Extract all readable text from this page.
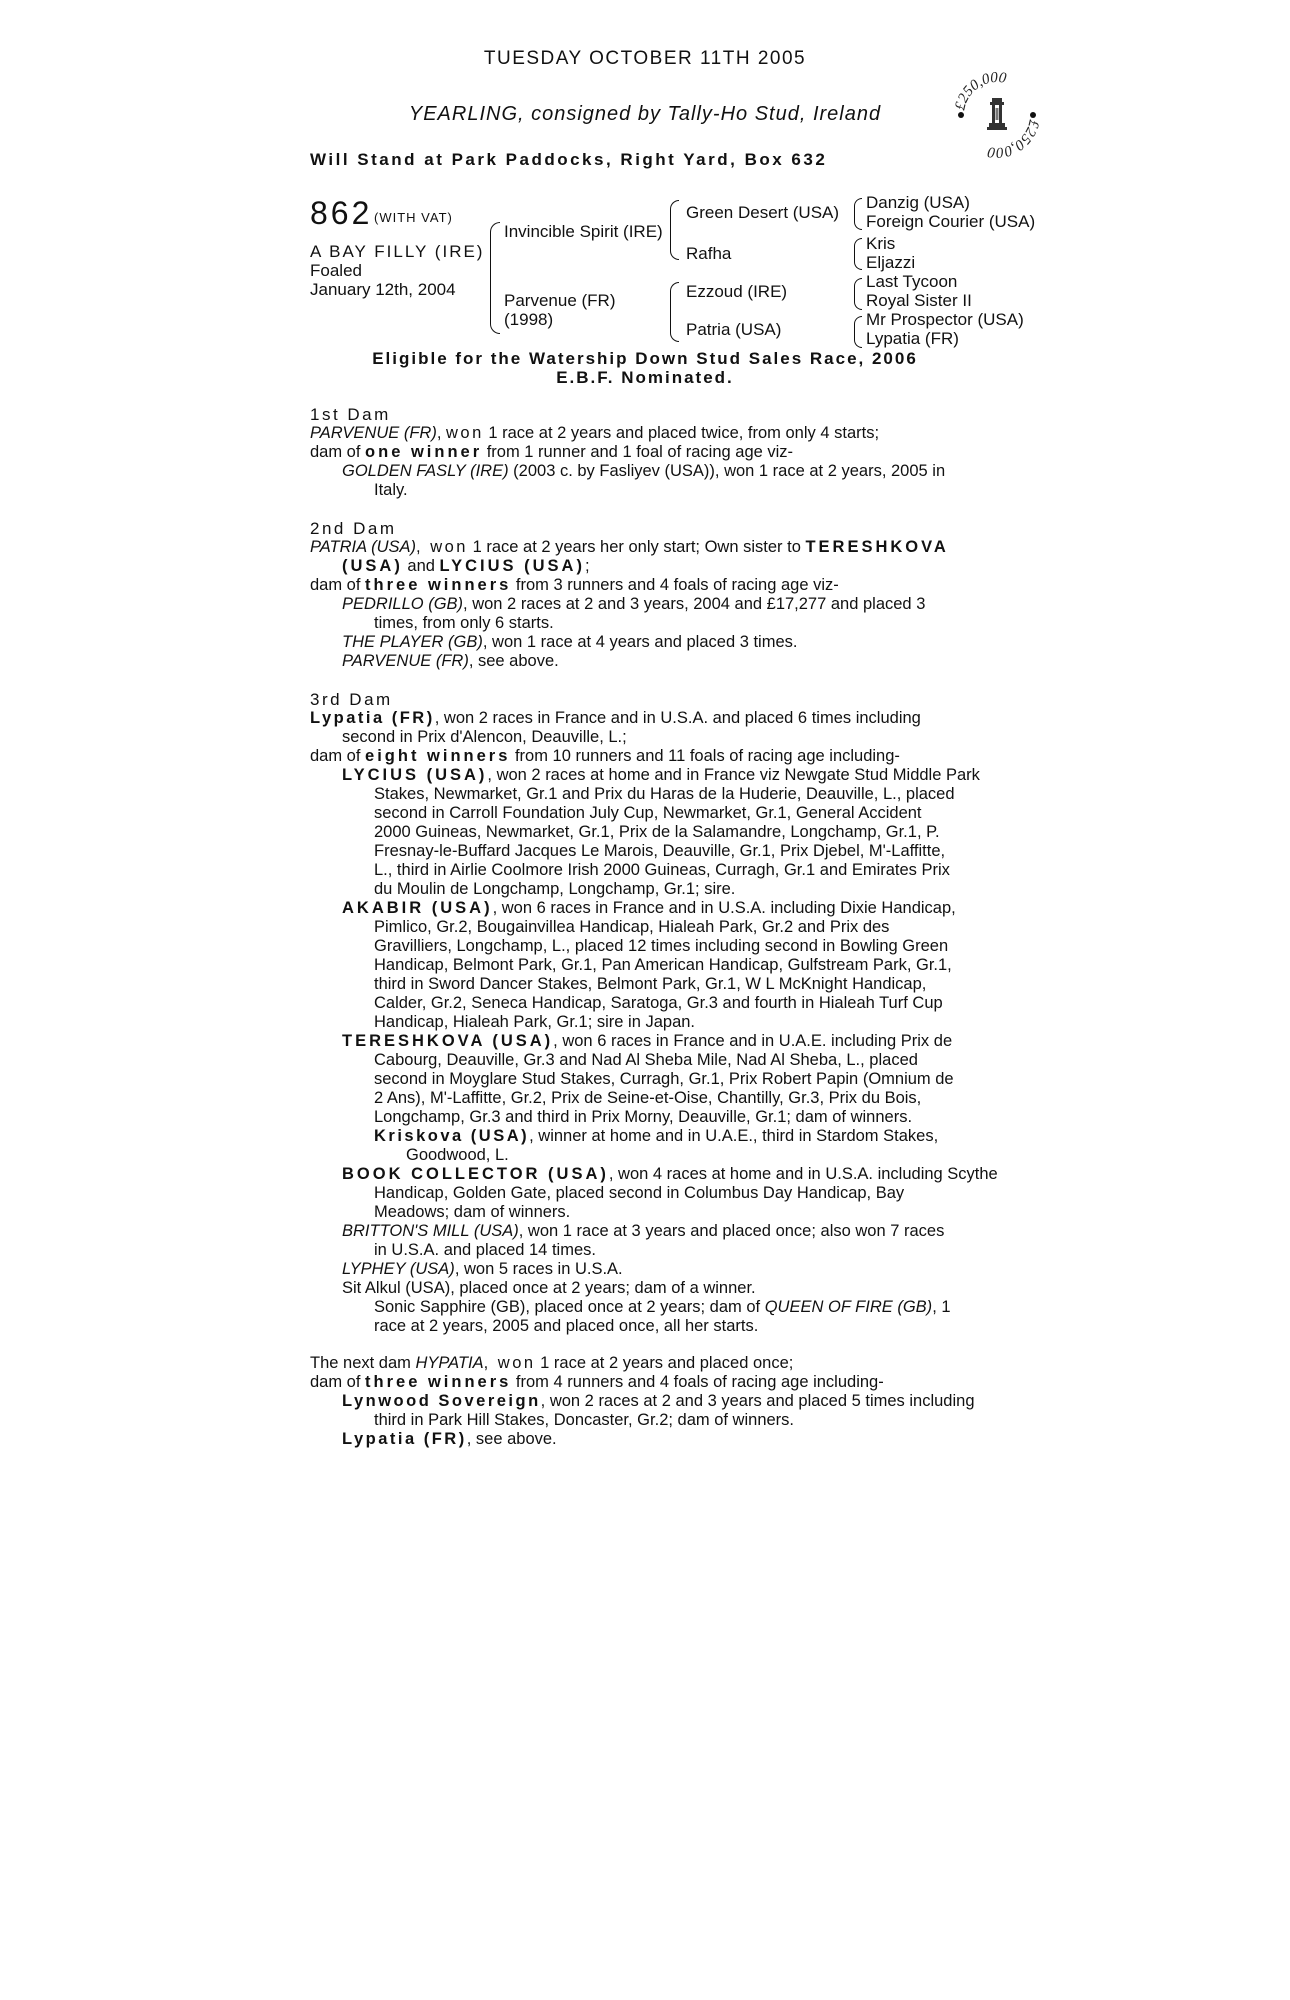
TUESDAY OCTOBER 11TH 2005
YEARLING, consigned by Tally-Ho Stud, Ireland	£250,000
£250,000
Will Stand at Park Paddocks, Right Yard, Box 632
862 (WITH VAT)
A BAY FILLY (IRE)
Foaled
January 12th, 2004
Invincible Spirit (IRE)
Parvenue (FR)
(1998)
Green Desert (USA)
Rafha
Ezzoud (IRE)
Patria (USA)
Danzig (USA)
Foreign Courier (USA)
Kris
Eljazzi
Last Tycoon
Royal Sister II
Mr Prospector (USA)
Lypatia (FR)
Eligible for the Watership Down Stud Sales Race, 2006
E.B.F. Nominated.
1st Dam
PARVENUE (FR), won 1 race at 2 years and placed twice, from only 4 starts;
dam of one winner from 1 runner and 1 foal of racing age viz-
GOLDEN FASLY (IRE) (2003 c. by Fasliyev (USA)), won 1 race at 2 years, 2005 in
Italy.
2nd Dam
PATRIA (USA), won 1 race at 2 years her only start; Own sister to TERESHKOVA
(USA) and LYCIUS (USA);
dam of three winners from 3 runners and 4 foals of racing age viz-
PEDRILLO (GB), won 2 races at 2 and 3 years, 2004 and £17,277 and placed 3
times, from only 6 starts.
THE PLAYER (GB), won 1 race at 4 years and placed 3 times.
PARVENUE (FR), see above.
3rd Dam
Lypatia (FR), won 2 races in France and in U.S.A. and placed 6 times including
second in Prix d'Alencon, Deauville, L.;
dam of eight winners from 10 runners and 11 foals of racing age including-
LYCIUS (USA), won 2 races at home and in France viz Newgate Stud Middle Park
Stakes, Newmarket, Gr.1 and Prix du Haras de la Huderie, Deauville, L., placed
second in Carroll Foundation July Cup, Newmarket, Gr.1, General Accident
2000 Guineas, Newmarket, Gr.1, Prix de la Salamandre, Longchamp, Gr.1, P.
Fresnay-le-Buffard Jacques Le Marois, Deauville, Gr.1, Prix Djebel, M'-Laffitte,
L., third in Airlie Coolmore Irish 2000 Guineas, Curragh, Gr.1 and Emirates Prix
du Moulin de Longchamp, Longchamp, Gr.1; sire.
AKABIR (USA), won 6 races in France and in U.S.A. including Dixie Handicap,
Pimlico, Gr.2, Bougainvillea Handicap, Hialeah Park, Gr.2 and Prix des
Gravilliers, Longchamp, L., placed 12 times including second in Bowling Green
Handicap, Belmont Park, Gr.1, Pan American Handicap, Gulfstream Park, Gr.1,
third in Sword Dancer Stakes, Belmont Park, Gr.1, W L McKnight Handicap,
Calder, Gr.2, Seneca Handicap, Saratoga, Gr.3 and fourth in Hialeah Turf Cup
Handicap, Hialeah Park, Gr.1; sire in Japan.
TERESHKOVA (USA), won 6 races in France and in U.A.E. including Prix de
Cabourg, Deauville, Gr.3 and Nad Al Sheba Mile, Nad Al Sheba, L., placed
second in Moyglare Stud Stakes, Curragh, Gr.1, Prix Robert Papin (Omnium de
2 Ans), M'-Laffitte, Gr.2, Prix de Seine-et-Oise, Chantilly, Gr.3, Prix du Bois,
Longchamp, Gr.3 and third in Prix Morny, Deauville, Gr.1; dam of winners.
Kriskova (USA), winner at home and in U.A.E., third in Stardom Stakes,
Goodwood, L.
BOOK COLLECTOR (USA), won 4 races at home and in U.S.A. including Scythe
Handicap, Golden Gate, placed second in Columbus Day Handicap, Bay
Meadows; dam of winners.
BRITTON'S MILL (USA), won 1 race at 3 years and placed once; also won 7 races
in U.S.A. and placed 14 times.
LYPHEY (USA), won 5 races in U.S.A.
Sit Alkul (USA), placed once at 2 years; dam of a winner.
Sonic Sapphire (GB), placed once at 2 years; dam of QUEEN OF FIRE (GB), 1
race at 2 years, 2005 and placed once, all her starts.
The next dam HYPATIA, won 1 race at 2 years and placed once;
dam of three winners from 4 runners and 4 foals of racing age including-
Lynwood Sovereign, won 2 races at 2 and 3 years and placed 5 times including
third in Park Hill Stakes, Doncaster, Gr.2; dam of winners.
Lypatia (FR), see above.
